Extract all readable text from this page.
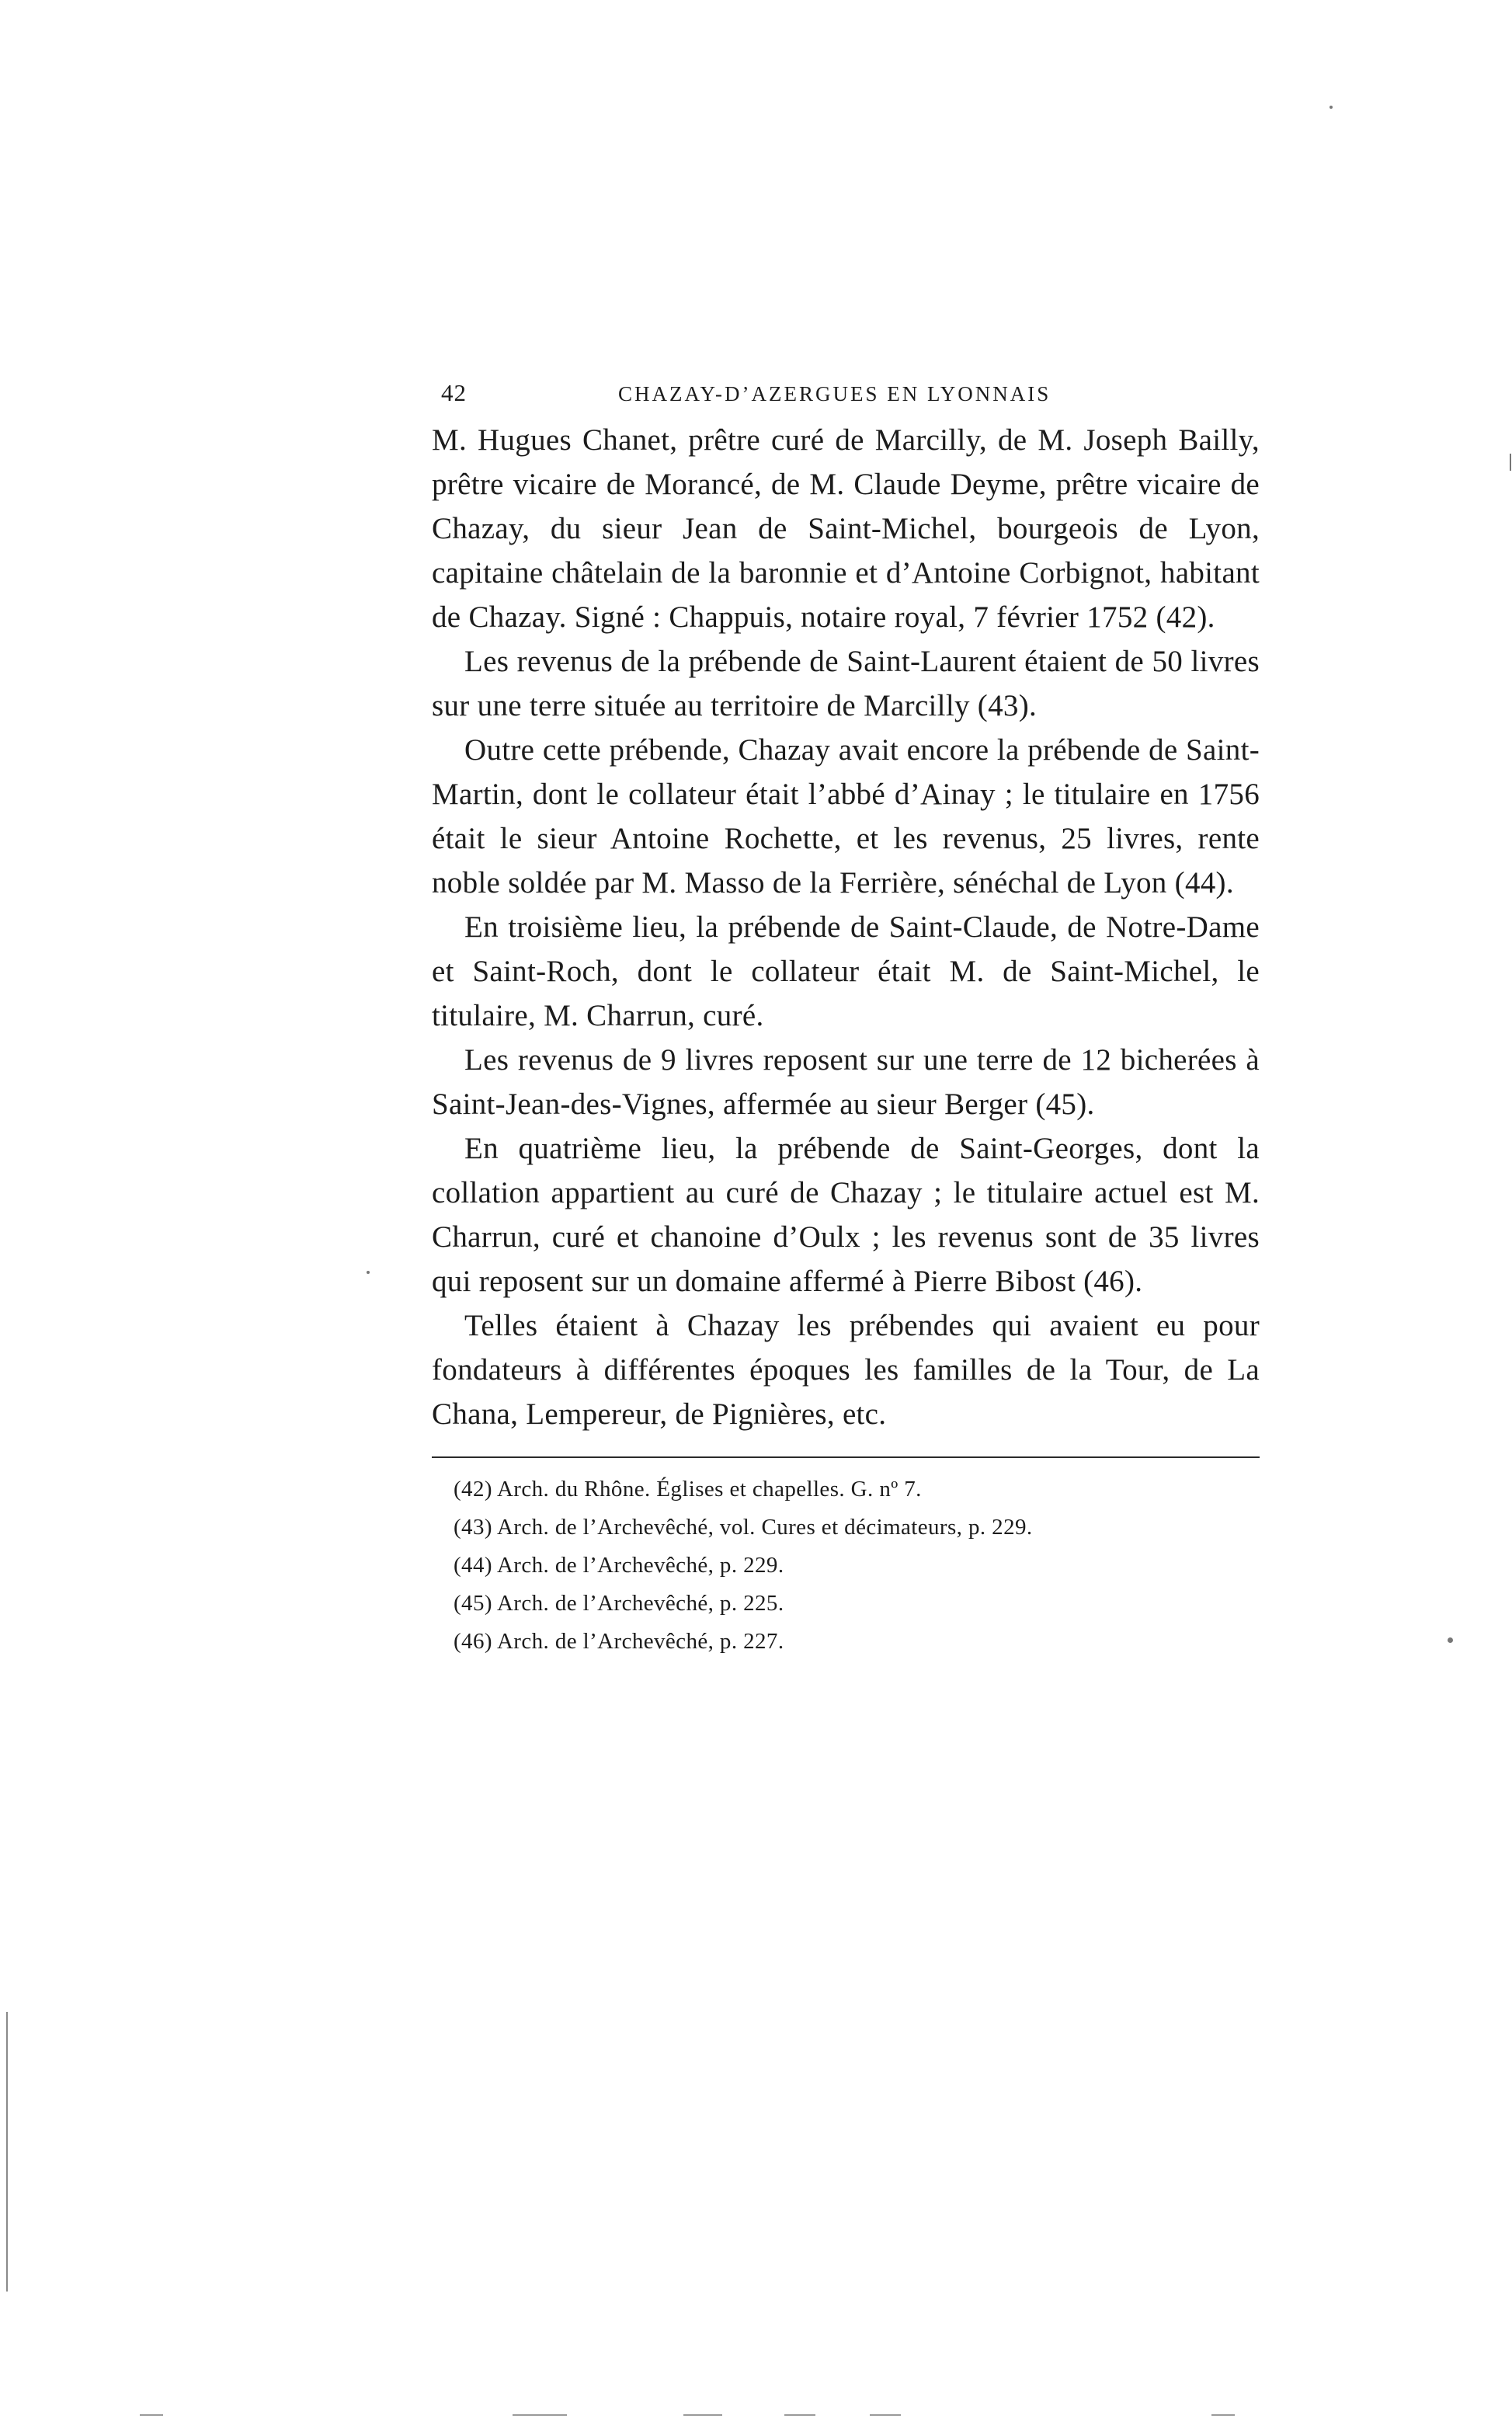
42	CHAZAY-D’AZERGUES EN LYONNAIS

M. Hugues Chanet, prêtre curé de Marcilly, de M. Joseph Bailly, prêtre vicaire de Morancé, de M. Claude Deyme, prêtre vicaire de Chazay, du sieur Jean de Saint-Michel, bourgeois de Lyon, capitaine châtelain de la baronnie et d’Antoine Corbignot, habitant de Chazay. Signé : Chappuis, notaire royal, 7 février 1752 (42).

Les revenus de la prébende de Saint-Laurent étaient de 50 livres sur une terre située au territoire de Marcilly (43).

Outre cette prébende, Chazay avait encore la prébende de Saint-Martin, dont le collateur était l’abbé d’Ainay ; le titulaire en 1756 était le sieur Antoine Rochette, et les revenus, 25 livres, rente noble soldée par M. Masso de la Ferrière, sénéchal de Lyon (44).

En troisième lieu, la prébende de Saint-Claude, de Notre-Dame et Saint-Roch, dont le collateur était M. de Saint-Michel, le titulaire, M. Charrun, curé.

Les revenus de 9 livres reposent sur une terre de 12 bicherées à Saint-Jean-des-Vignes, affermée au sieur Berger (45).

En quatrième lieu, la prébende de Saint-Georges, dont la collation appartient au curé de Chazay ; le titulaire actuel est M. Charrun, curé et chanoine d’Oulx ; les revenus sont de 35 livres qui reposent sur un domaine affermé à Pierre Bibost (46).

Telles étaient à Chazay les prébendes qui avaient eu pour fondateurs à différentes époques les familles de la Tour, de La Chana, Lempereur, de Pignières, etc.

(42) Arch. du Rhône. Églises et chapelles. G. nº 7.
(43) Arch. de l’Archevêché, vol. Cures et décimateurs, p. 229.
(44) Arch. de l’Archevêché, p. 229.
(45) Arch. de l’Archevêché, p. 225.
(46) Arch. de l’Archevêché, p. 227.
